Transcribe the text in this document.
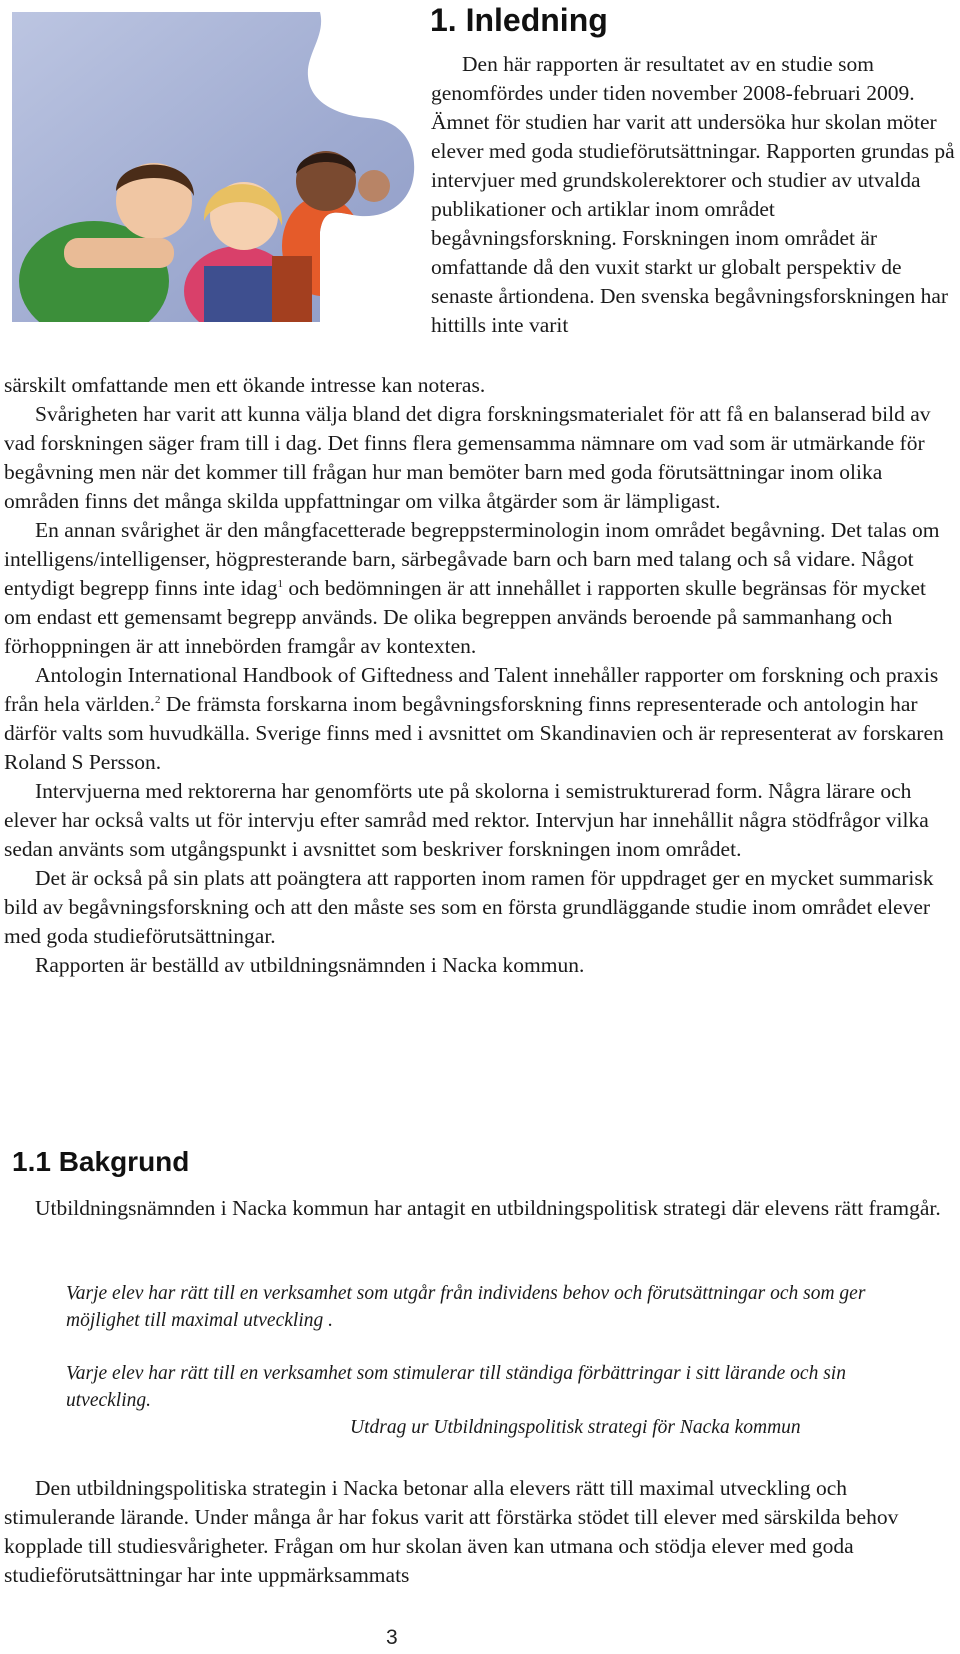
1. Inledning

Den här rapporten är resultatet av en studie som genomfördes under tiden november 2008-februari 2009. Ämnet för studien har varit att undersöka hur skolan möter elever med goda studieförutsättningar. Rapporten grundas på intervjuer med grundskolerektorer och studier av utvalda publikationer och artiklar inom området begåvningsforskning. Forskningen inom området är omfattande då den vuxit starkt ur globalt perspektiv de senaste årtiondena. Den svenska begåvningsforskningen har hittills inte varit

särskilt omfattande men ett ökande intresse kan noteras.

Svårigheten har varit att kunna välja bland det digra forskningsmaterialet för att få en balanserad bild av vad forskningen säger fram till i dag. Det finns flera gemensamma nämnare om vad som är utmärkande för begåvning men när det kommer till frågan hur man bemöter barn med goda förutsättningar inom olika områden finns det många skilda uppfattningar om vilka åtgärder som är lämpligast.

En annan svårighet är den mångfacetterade begreppsterminologin inom området begåvning. Det talas om intelligens/intelligenser, högpresterande barn, särbegåvade barn och barn med talang och så vidare. Något entydigt begrepp finns inte idag$^1$ och bedömningen är att innehållet i rapporten skulle begränsas för mycket om endast ett gemensamt begrepp används. De olika begreppen används beroende på sammanhang och förhoppningen är att innebörden framgår av kontexten.

Antologin International Handbook of Giftedness and Talent innehåller rapporter om forskning och praxis från hela världen.$^2$ De främsta forskarna inom begåvningsforskning finns representerade och antologin har därför valts som huvudkälla. Sverige finns med i avsnittet om Skandinavien och är representerat av forskaren Roland S Persson.

Intervjuerna med rektorerna har genomförts ute på skolorna i semistrukturerad form. Några lärare och elever har också valts ut för intervju efter samråd med rektor. Intervjun har innehållit några stödfrågor vilka sedan använts som utgångspunkt i avsnittet som beskriver forskningen inom området.

Det är också på sin plats att poängtera att rapporten inom ramen för uppdraget ger en mycket summarisk bild av begåvningsforskning och att den måste ses som en första grundläggande studie inom området elever med goda studieförutsättningar.

Rapporten är beställd av utbildningsnämnden i Nacka kommun.

1.1 Bakgrund

Utbildningsnämnden i Nacka kommun har antagit en utbildningspolitisk strategi där elevens rätt framgår.

Varje elev har rätt till en verksamhet som utgår från individens behov och förutsättningar och som ger möjlighet till maximal utveckling .

Varje elev har rätt till en verksamhet som stimulerar till ständiga förbättringar i sitt lärande och sin utveckling.

Utdrag ur Utbildningspolitisk strategi för Nacka kommun

Den utbildningspolitiska strategin i Nacka betonar alla elevers rätt till maximal utveckling och stimulerande lärande. Under många år har fokus varit att förstärka stödet till elever med särskilda behov kopplade till studiesvårigheter. Frågan om hur skolan även kan utmana och stödja elever med goda studieförutsättningar har inte uppmärksammats

3
